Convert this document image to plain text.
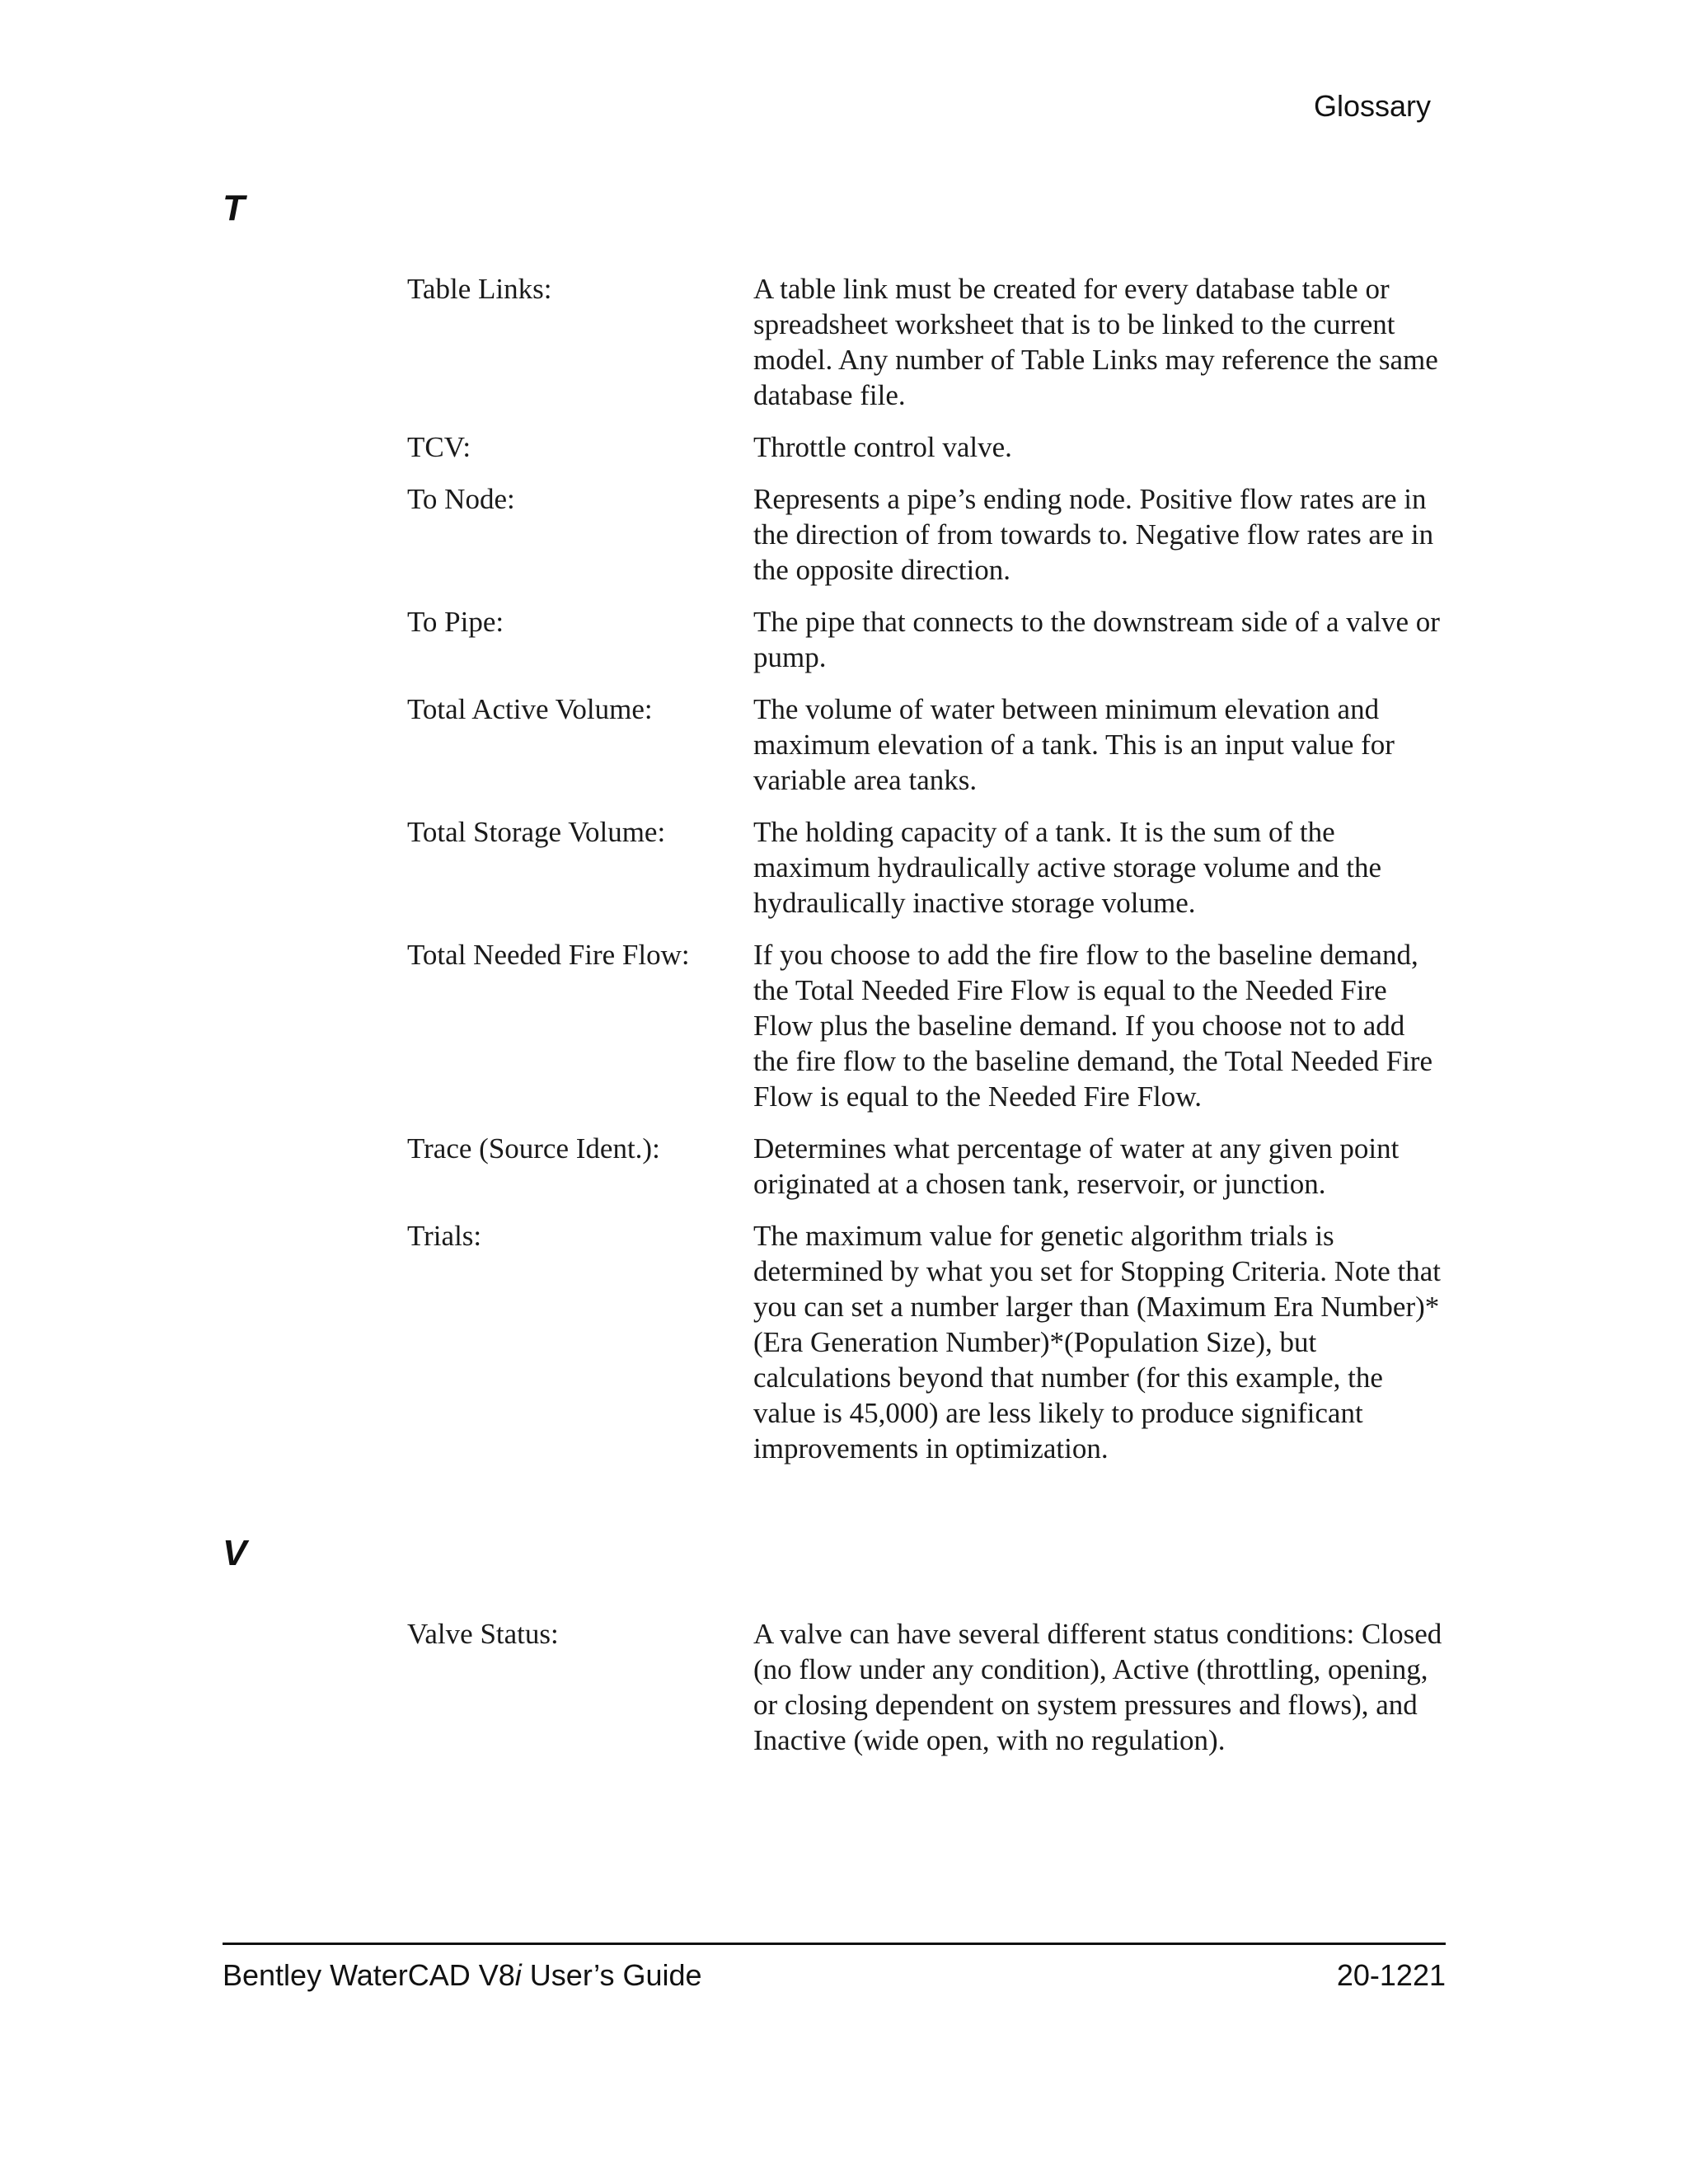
Glossary
T
Table Links:	A table link must be created for every database table or spreadsheet worksheet that is to be linked to the current model. Any number of Table Links may reference the same database file.
TCV:	Throttle control valve.
To Node:	Represents a pipe’s ending node. Positive flow rates are in the direction of from towards to. Negative flow rates are in the opposite direction.
To Pipe:	The pipe that connects to the downstream side of a valve or pump.
Total Active Volume:	The volume of water between minimum elevation and maximum elevation of a tank. This is an input value for variable area tanks.
Total Storage Volume:	The holding capacity of a tank. It is the sum of the maximum hydraulically active storage volume and the hydraulically inactive storage volume.
Total Needed Fire Flow:	If you choose to add the fire flow to the baseline demand, the Total Needed Fire Flow is equal to the Needed Fire Flow plus the baseline demand. If you choose not to add the fire flow to the baseline demand, the Total Needed Fire Flow is equal to the Needed Fire Flow.
Trace (Source Ident.):	Determines what percentage of water at any given point originated at a chosen tank, reservoir, or junction.
Trials:	The maximum value for genetic algorithm trials is determined by what you set for Stopping Criteria. Note that you can set a number larger than (Maximum Era Number)*(Era Generation Number)*(Population Size), but calculations beyond that number (for this example, the value is 45,000) are less likely to produce significant improvements in optimization.
V
Valve Status:	A valve can have several different status conditions: Closed (no flow under any condition), Active (throttling, opening, or closing dependent on system pressures and flows), and Inactive (wide open, with no regulation).
Bentley WaterCAD V8i User’s Guide	20-1221
